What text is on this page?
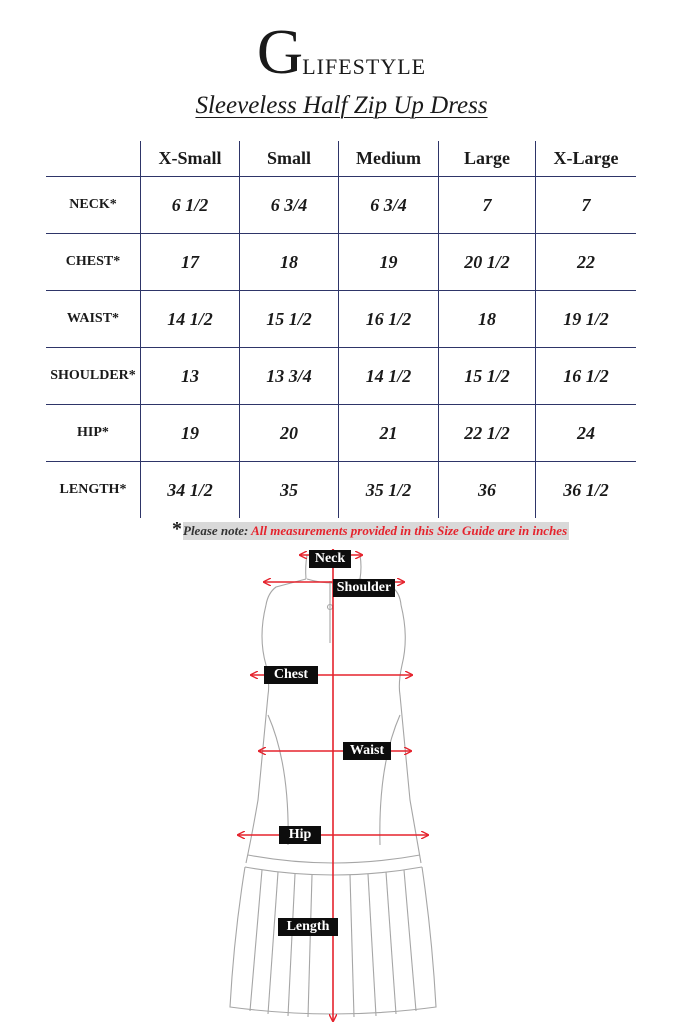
G LIFESTYLE
Sleeveless Half Zip Up Dress
	X-Small	Small	Medium	Large	X-Large
NECK*	6 1/2	6 3/4	6 3/4	7	7
CHEST*	17	18	19	20 1/2	22
WAIST*	14 1/2	15 1/2	16 1/2	18	19 1/2
SHOULDER*	13	13 3/4	14 1/2	15 1/2	16 1/2
HIP*	19	20	21	22 1/2	24
LENGTH*	34 1/2	35	35 1/2	36	36 1/2
* Please note: All measurements provided in this Size Guide are in inches
Neck
Shoulder
Chest
Waist
Hip
Length
